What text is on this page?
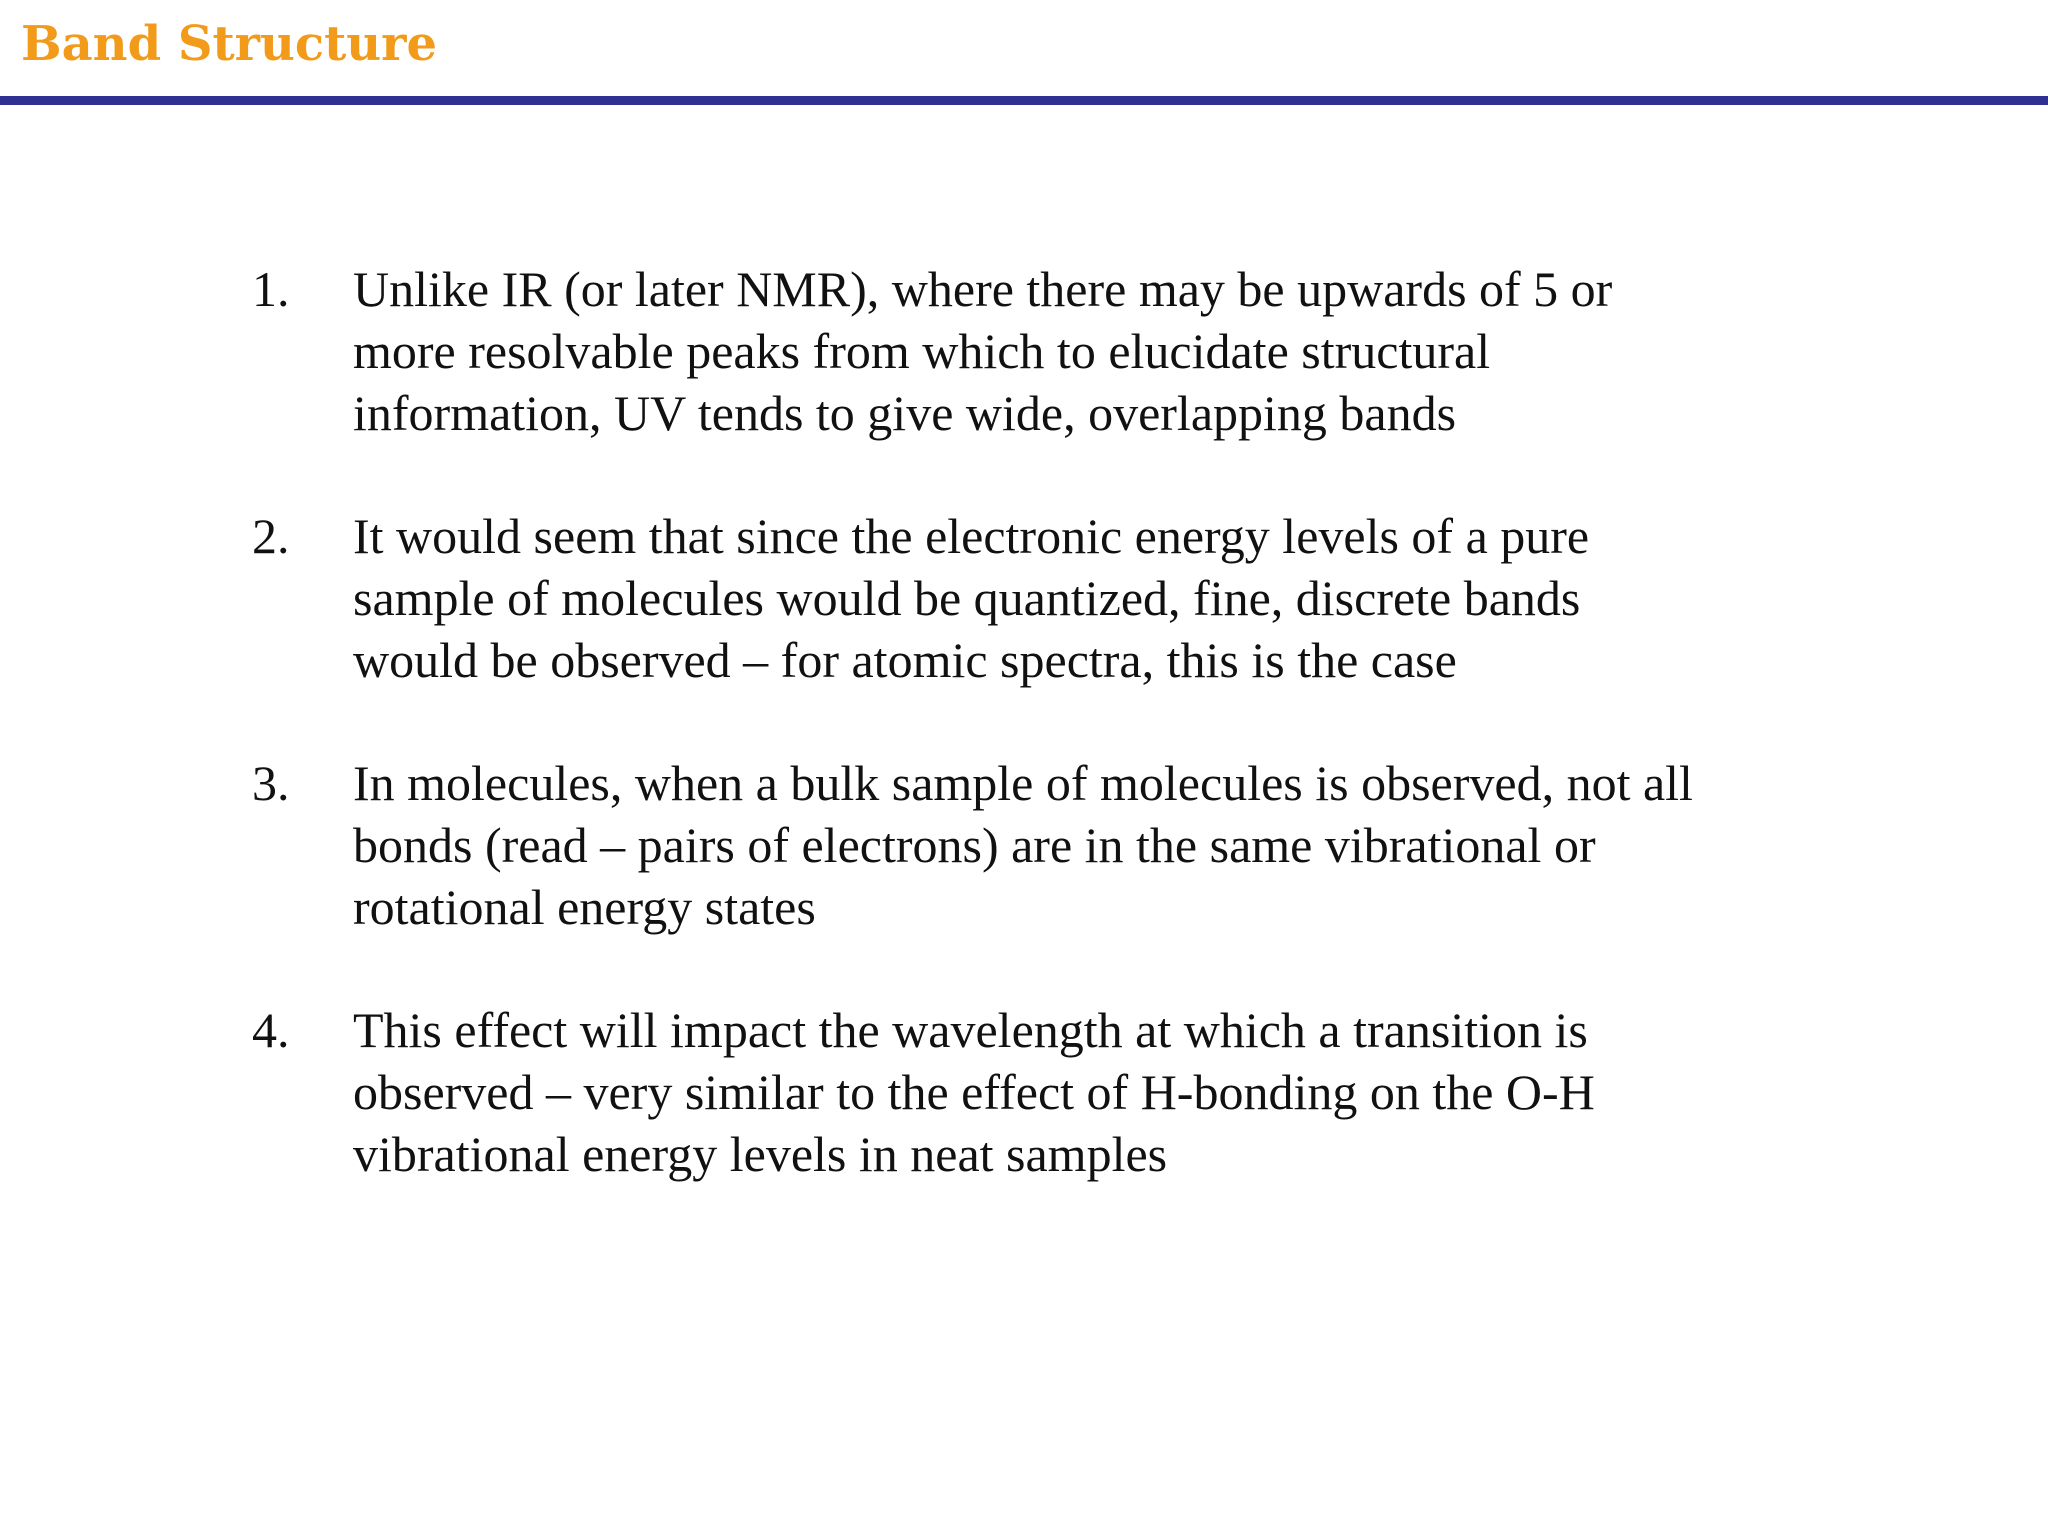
Band Structure
1. Unlike IR (or later NMR), where there may be upwards of 5 or
more resolvable peaks from which to elucidate structural
information, UV tends to give wide, overlapping bands
2. It would seem that since the electronic energy levels of a pure
sample of molecules would be quantized, fine, discrete bands
would be observed – for atomic spectra, this is the case
3. In molecules, when a bulk sample of molecules is observed, not all
bonds (read – pairs of electrons) are in the same vibrational or
rotational energy states
4. This effect will impact the wavelength at which a transition is
observed – very similar to the effect of H-bonding on the O-H
vibrational energy levels in neat samples
